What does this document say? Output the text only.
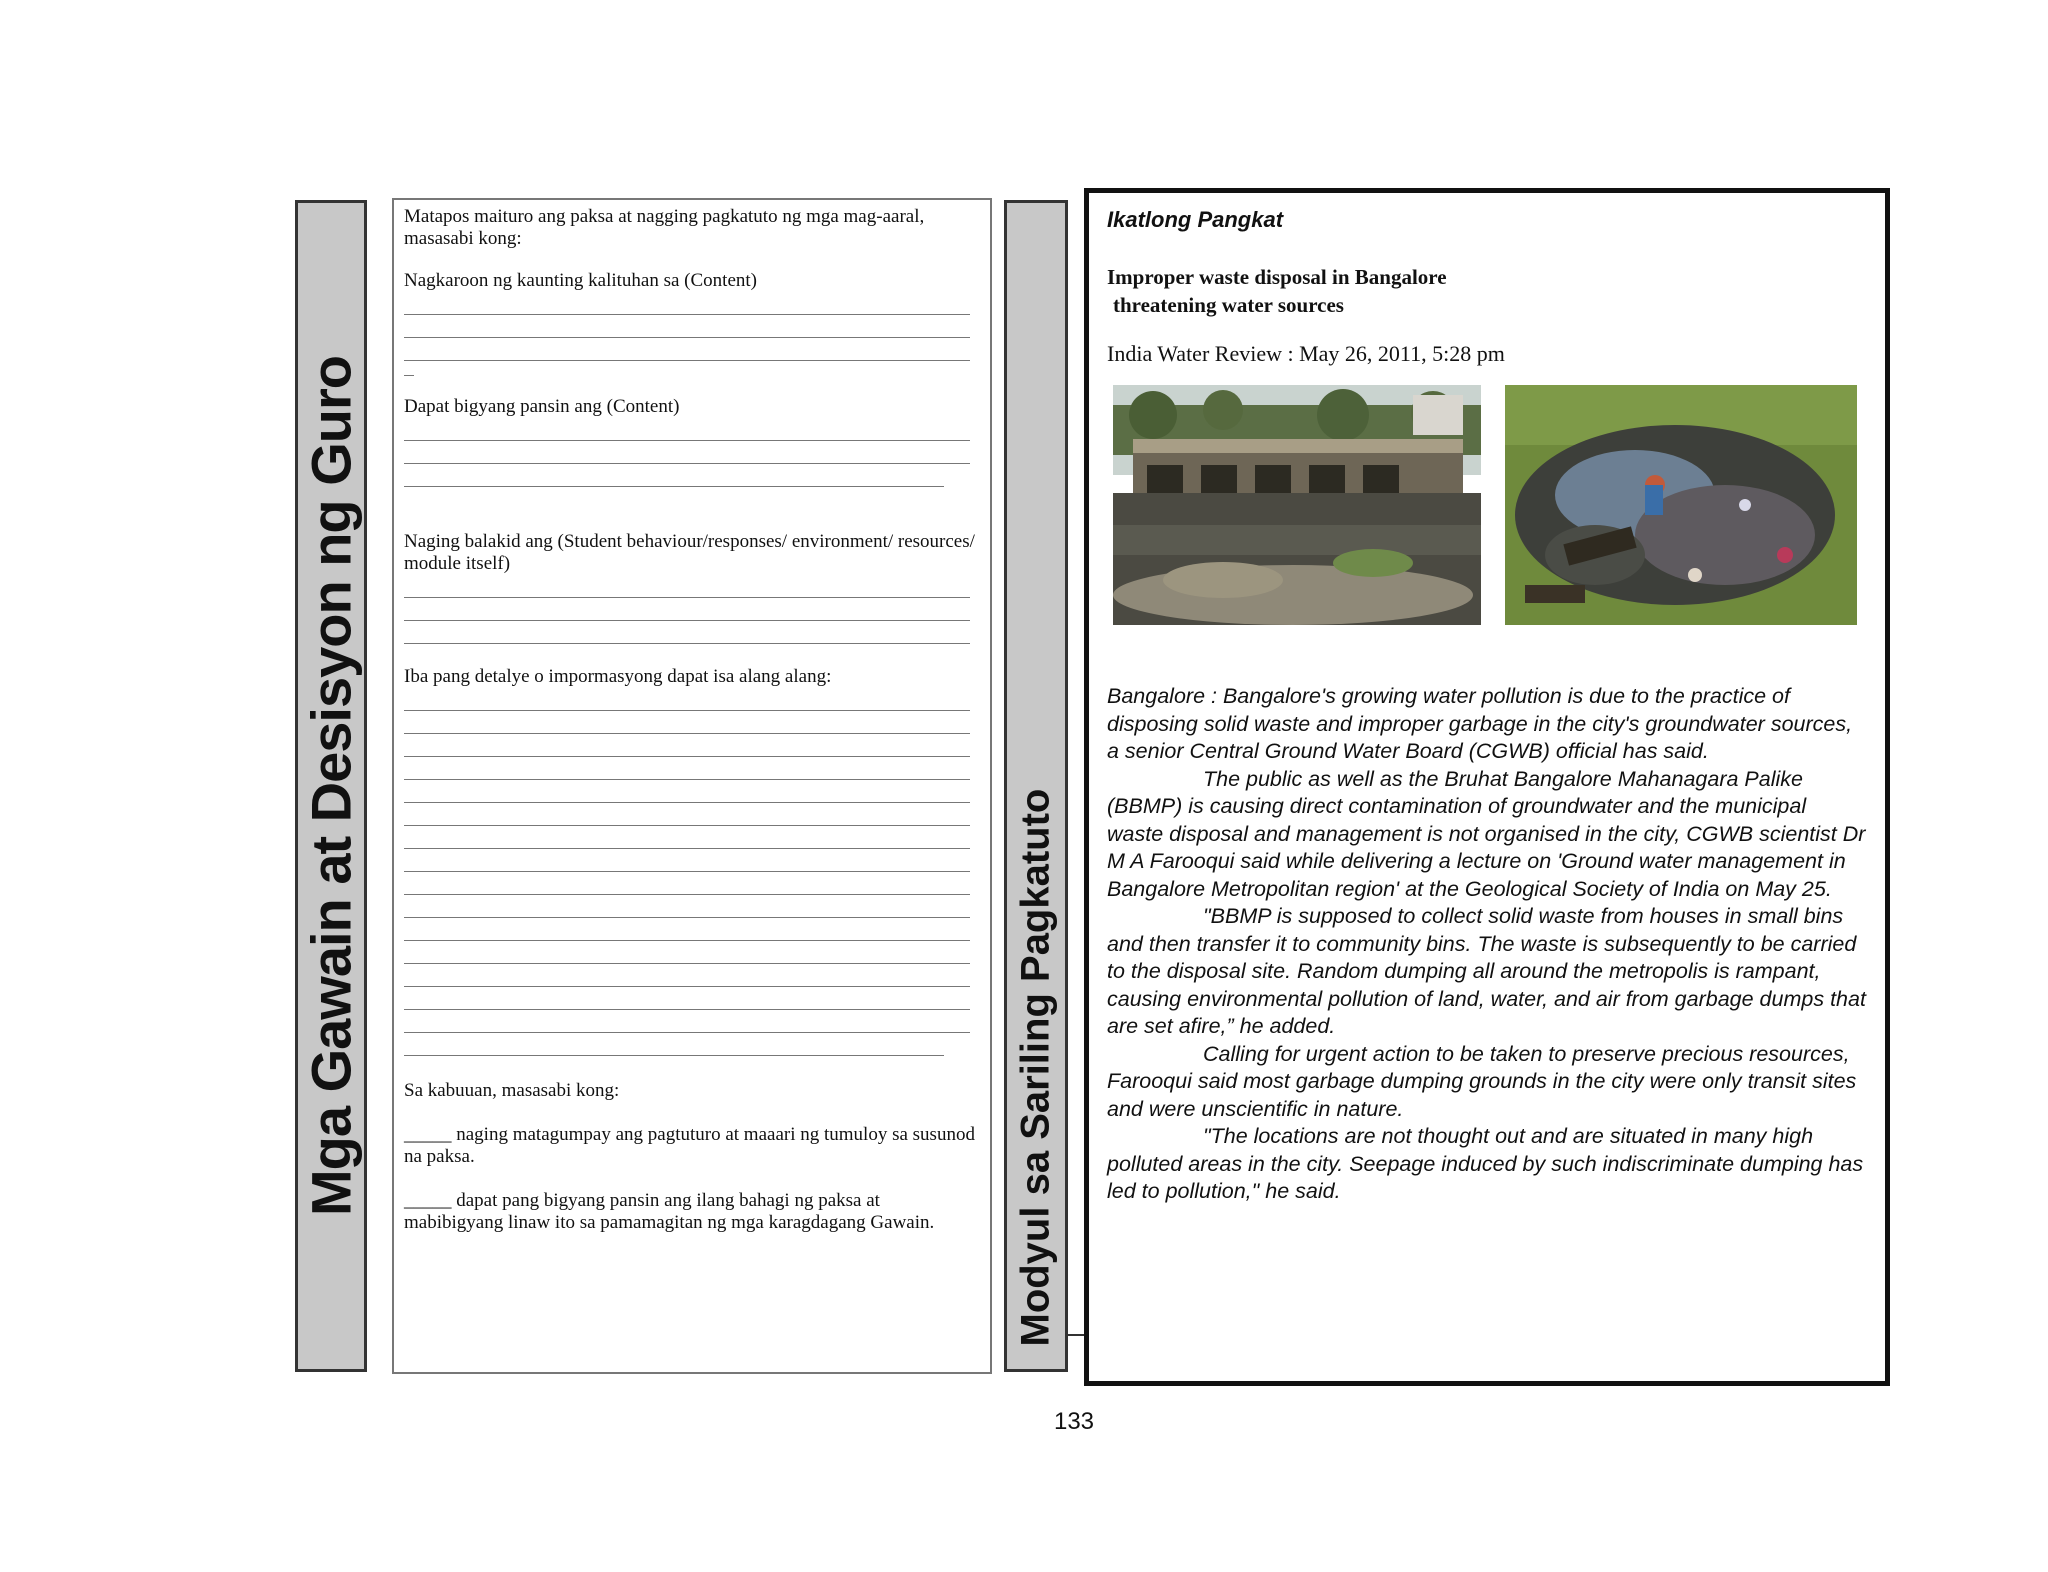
Mga Gawain at Desisyon ng Guro

Matapos maituro ang paksa at nagging pagkatuto ng mga mag-aaral, masasabi kong:

Nagkaroon ng kaunting kalituhan sa (Content)

Dapat bigyang pansin ang (Content)

Naging balakid ang (Student behaviour/responses/ environment/ resources/ module itself)

Iba pang detalye o impormasyong dapat isa alang alang:

Sa kabuuan, masasabi kong:

_____ naging matagumpay ang pagtuturo at maaari ng tumuloy sa susunod na paksa.

_____ dapat pang bigyang pansin ang ilang bahagi ng paksa at mabibigyang linaw ito sa pamamagitan ng mga karagdagang Gawain.	Modyul sa Sariling Pagkatuto

Ikatlong Pangkat

Improper waste disposal in Bangalore
threatening water sources

India Water Review : May 26, 2011, 5:28 pm

Bangalore : Bangalore's growing water pollution is due to the practice of disposing solid waste and improper garbage in the city's groundwater sources, a senior Central Ground Water Board (CGWB) official has said.

The public as well as the Bruhat Bangalore Mahanagara Palike (BBMP) is causing direct contamination of groundwater and the municipal waste disposal and management is not organised in the city, CGWB scientist Dr M A Farooqui said while delivering a lecture on 'Ground water management in Bangalore Metropolitan region' at the Geological Society of India on May 25.

"BBMP is supposed to collect solid waste from houses in small bins and then transfer it to community bins. The waste is subsequently to be carried to the disposal site. Random dumping all around the metropolis is rampant, causing environmental pollution of land, water, and air from garbage dumps that are set afire,” he added.

Calling for urgent action to be taken to preserve precious resources, Farooqui said most garbage dumping grounds in the city were only transit sites and were unscientific in nature.

"The locations are not thought out and are situated in many high polluted areas in the city. Seepage induced by such indiscriminate dumping has led to pollution," he said.

133
